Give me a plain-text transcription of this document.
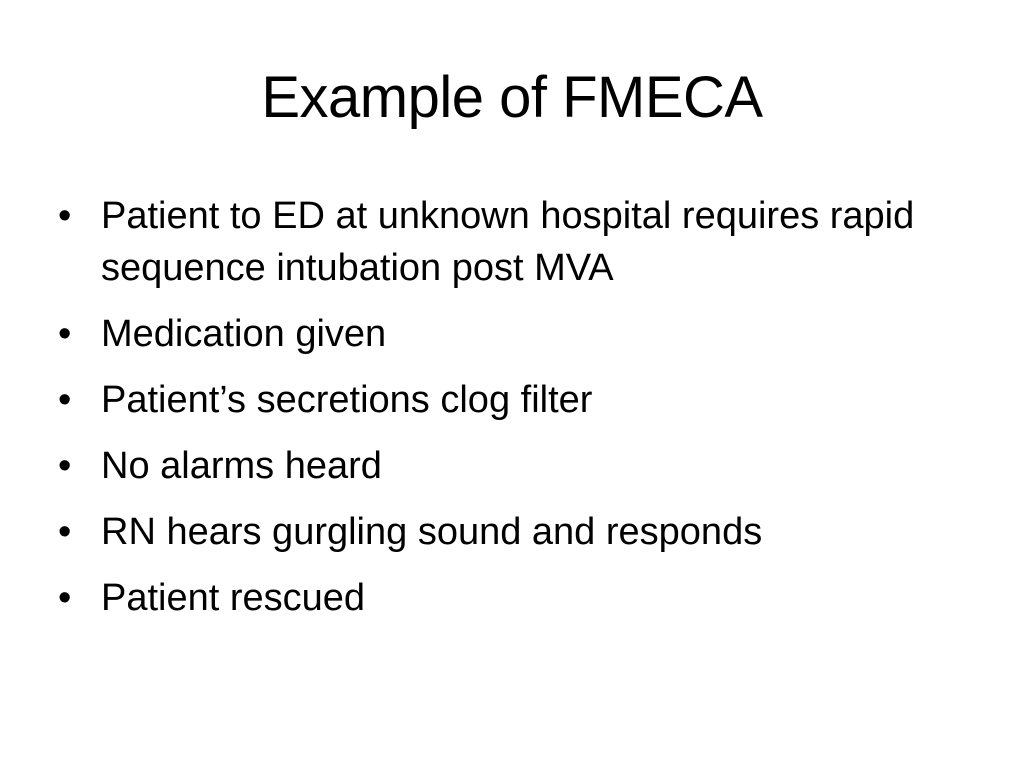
Example of FMECA
• Patient to ED at unknown hospital requires rapid sequence intubation post MVA
• Medication given
• Patient’s secretions clog filter
• No alarms heard
• RN hears gurgling sound and responds
• Patient rescued
